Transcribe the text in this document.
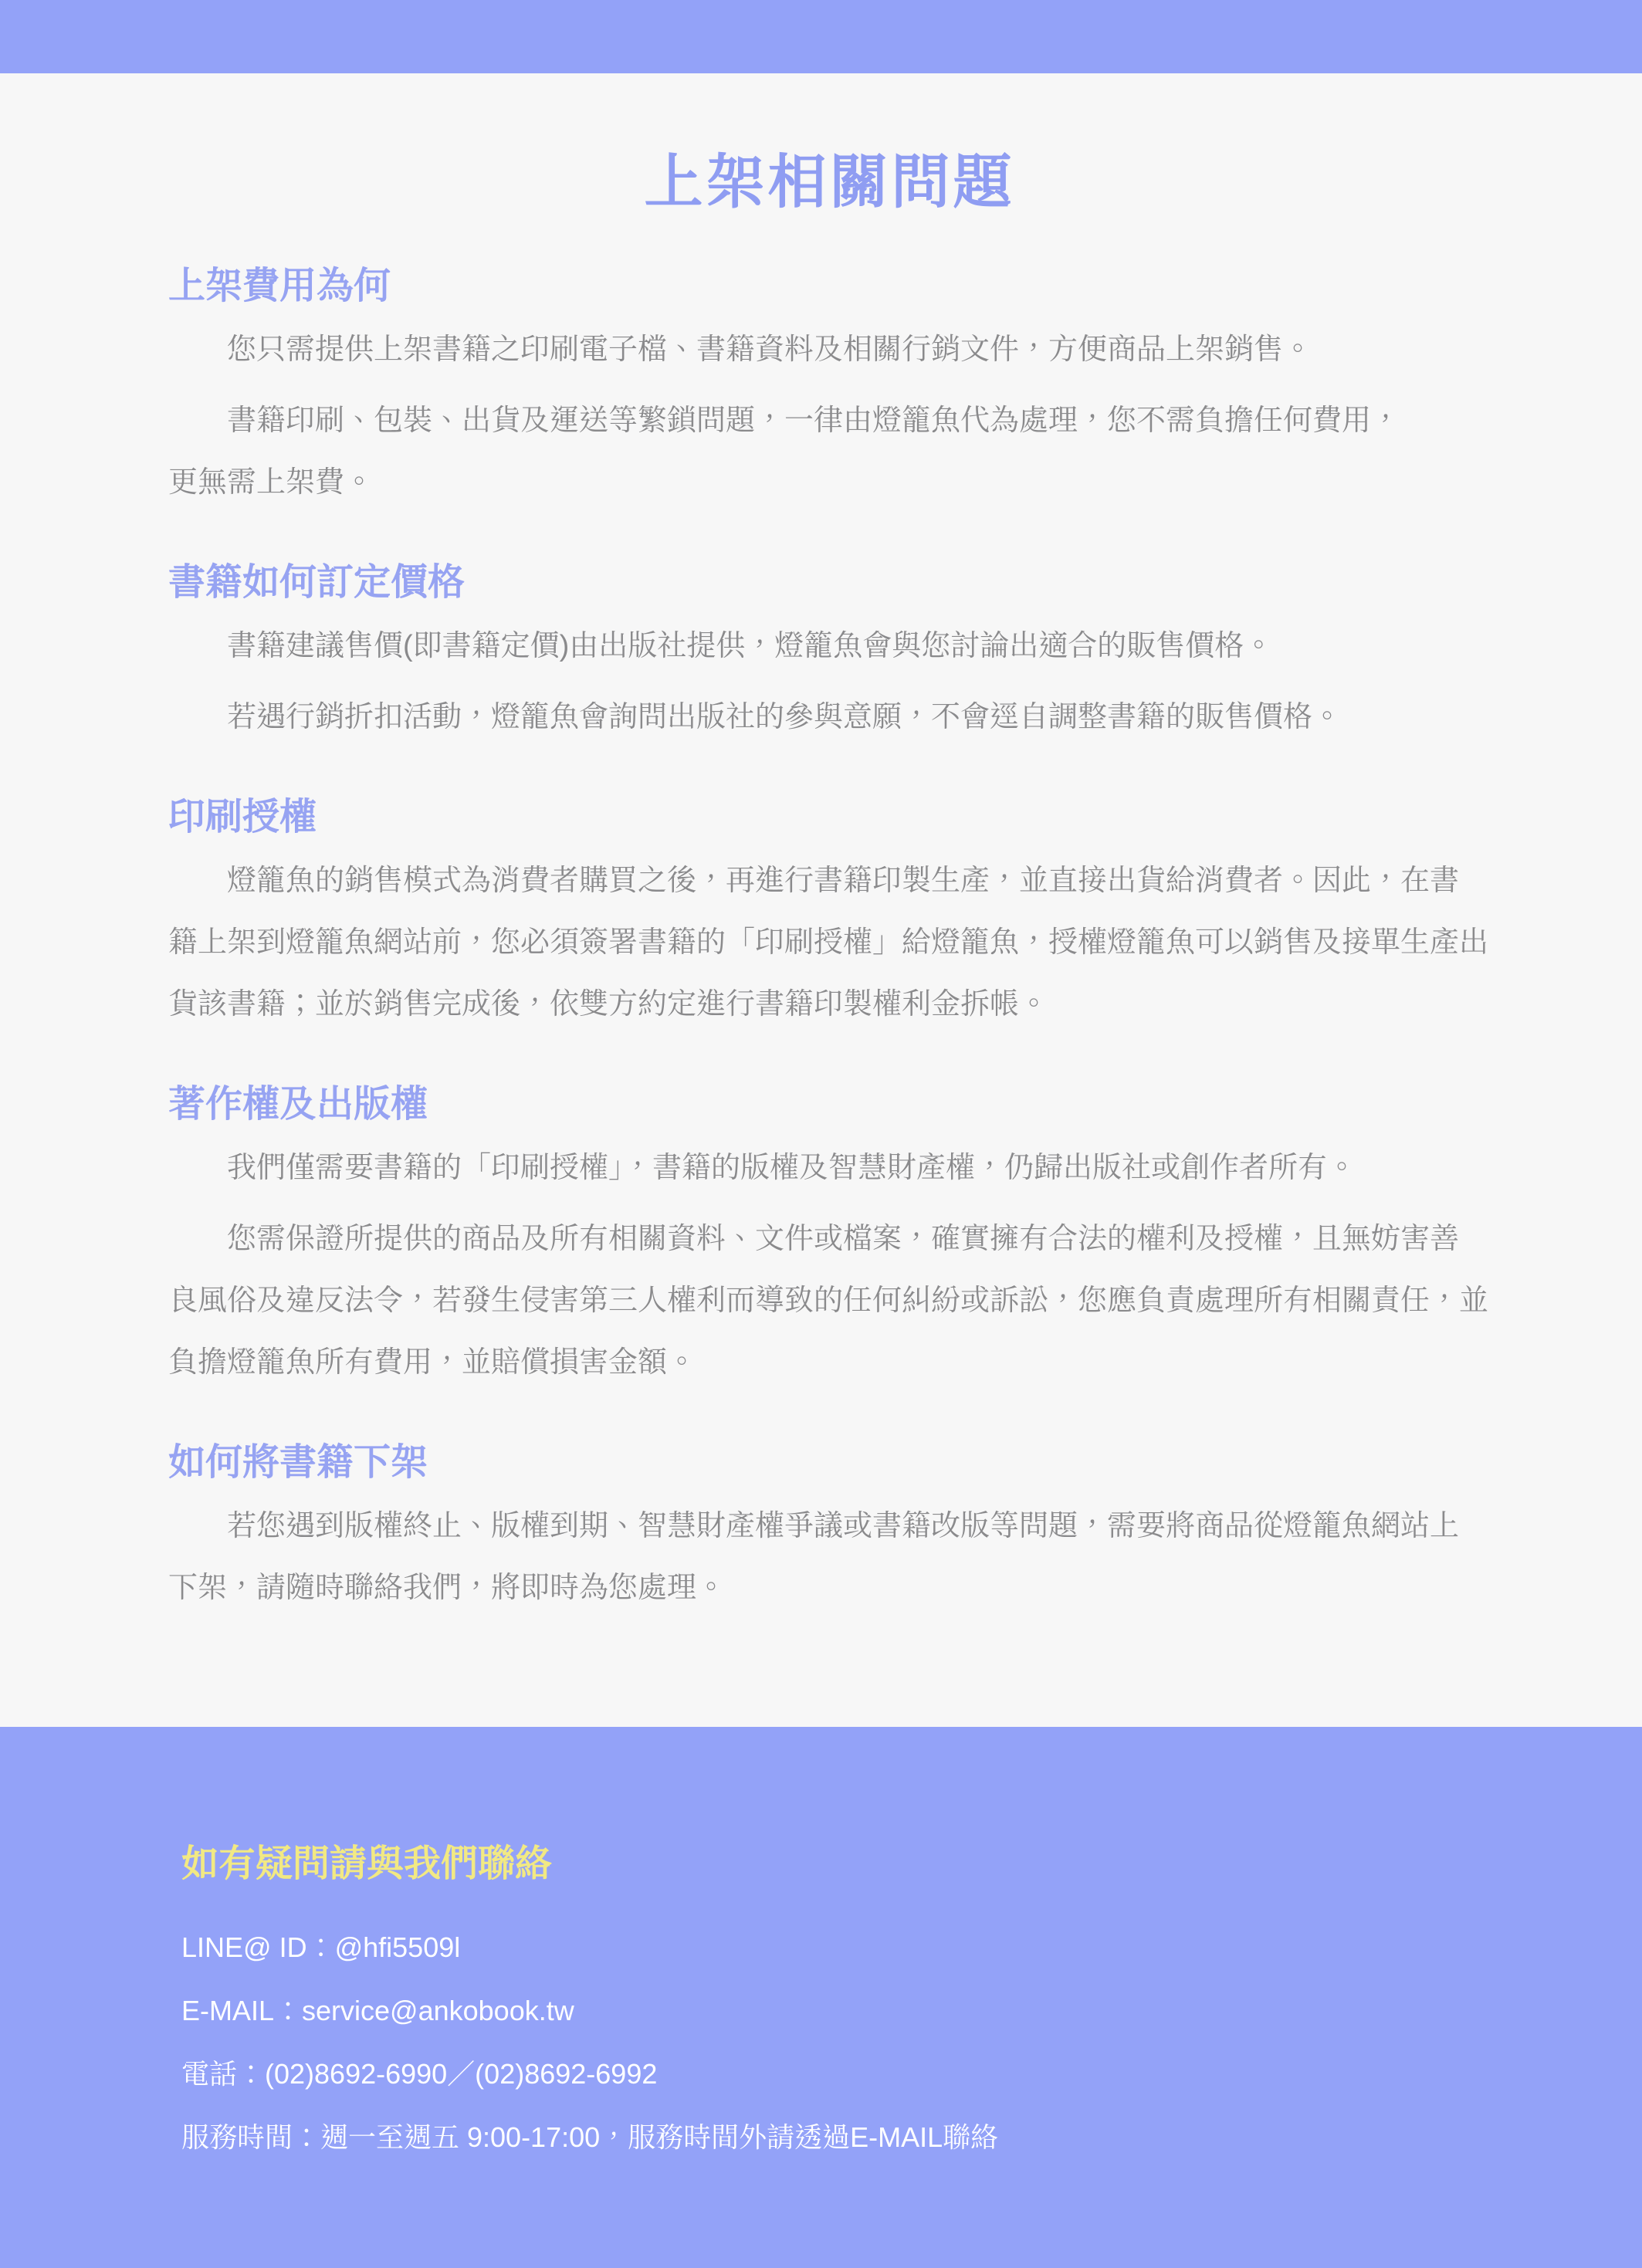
上架相關問題
上架費用為何

您只需提供上架書籍之印刷電子檔、書籍資料及相關行銷文件，方便商品上架銷售。

書籍印刷、包裝、出貨及運送等繁鎖問題，一律由燈籠魚代為處理，您不需負擔任何費用，
更無需上架費。

書籍如何訂定價格

書籍建議售價(即書籍定價)由出版社提供，燈籠魚會與您討論出適合的販售價格。

若遇行銷折扣活動，燈籠魚會詢問出版社的參與意願，不會逕自調整書籍的販售價格。

印刷授權

燈籠魚的銷售模式為消費者購買之後，再進行書籍印製生產，並直接出貨給消費者。因此，在書
籍上架到燈籠魚網站前，您必須簽署書籍的「印刷授權」給燈籠魚，授權燈籠魚可以銷售及接單生產出
貨該書籍；並於銷售完成後，依雙方約定進行書籍印製權利金拆帳。

著作權及出版權

我們僅需要書籍的「印刷授權」，書籍的版權及智慧財產權，仍歸出版社或創作者所有。

您需保證所提供的商品及所有相關資料、文件或檔案，確實擁有合法的權利及授權，且無妨害善
良風俗及違反法令，若發生侵害第三人權利而導致的任何糾紛或訴訟，您應負責處理所有相關責任，並
負擔燈籠魚所有費用，並賠償損害金額。

如何將書籍下架

若您遇到版權終止、版權到期、智慧財產權爭議或書籍改版等問題，需要將商品從燈籠魚網站上
下架，請隨時聯絡我們，將即時為您處理。

如有疑問請與我們聯絡

LINE@ ID：@hfi5509l

E-MAIL：service@ankobook.tw

電話：(02)8692-6990／(02)8692-6992

服務時間：週一至週五 9:00-17:00，服務時間外請透過E-MAIL聯絡
